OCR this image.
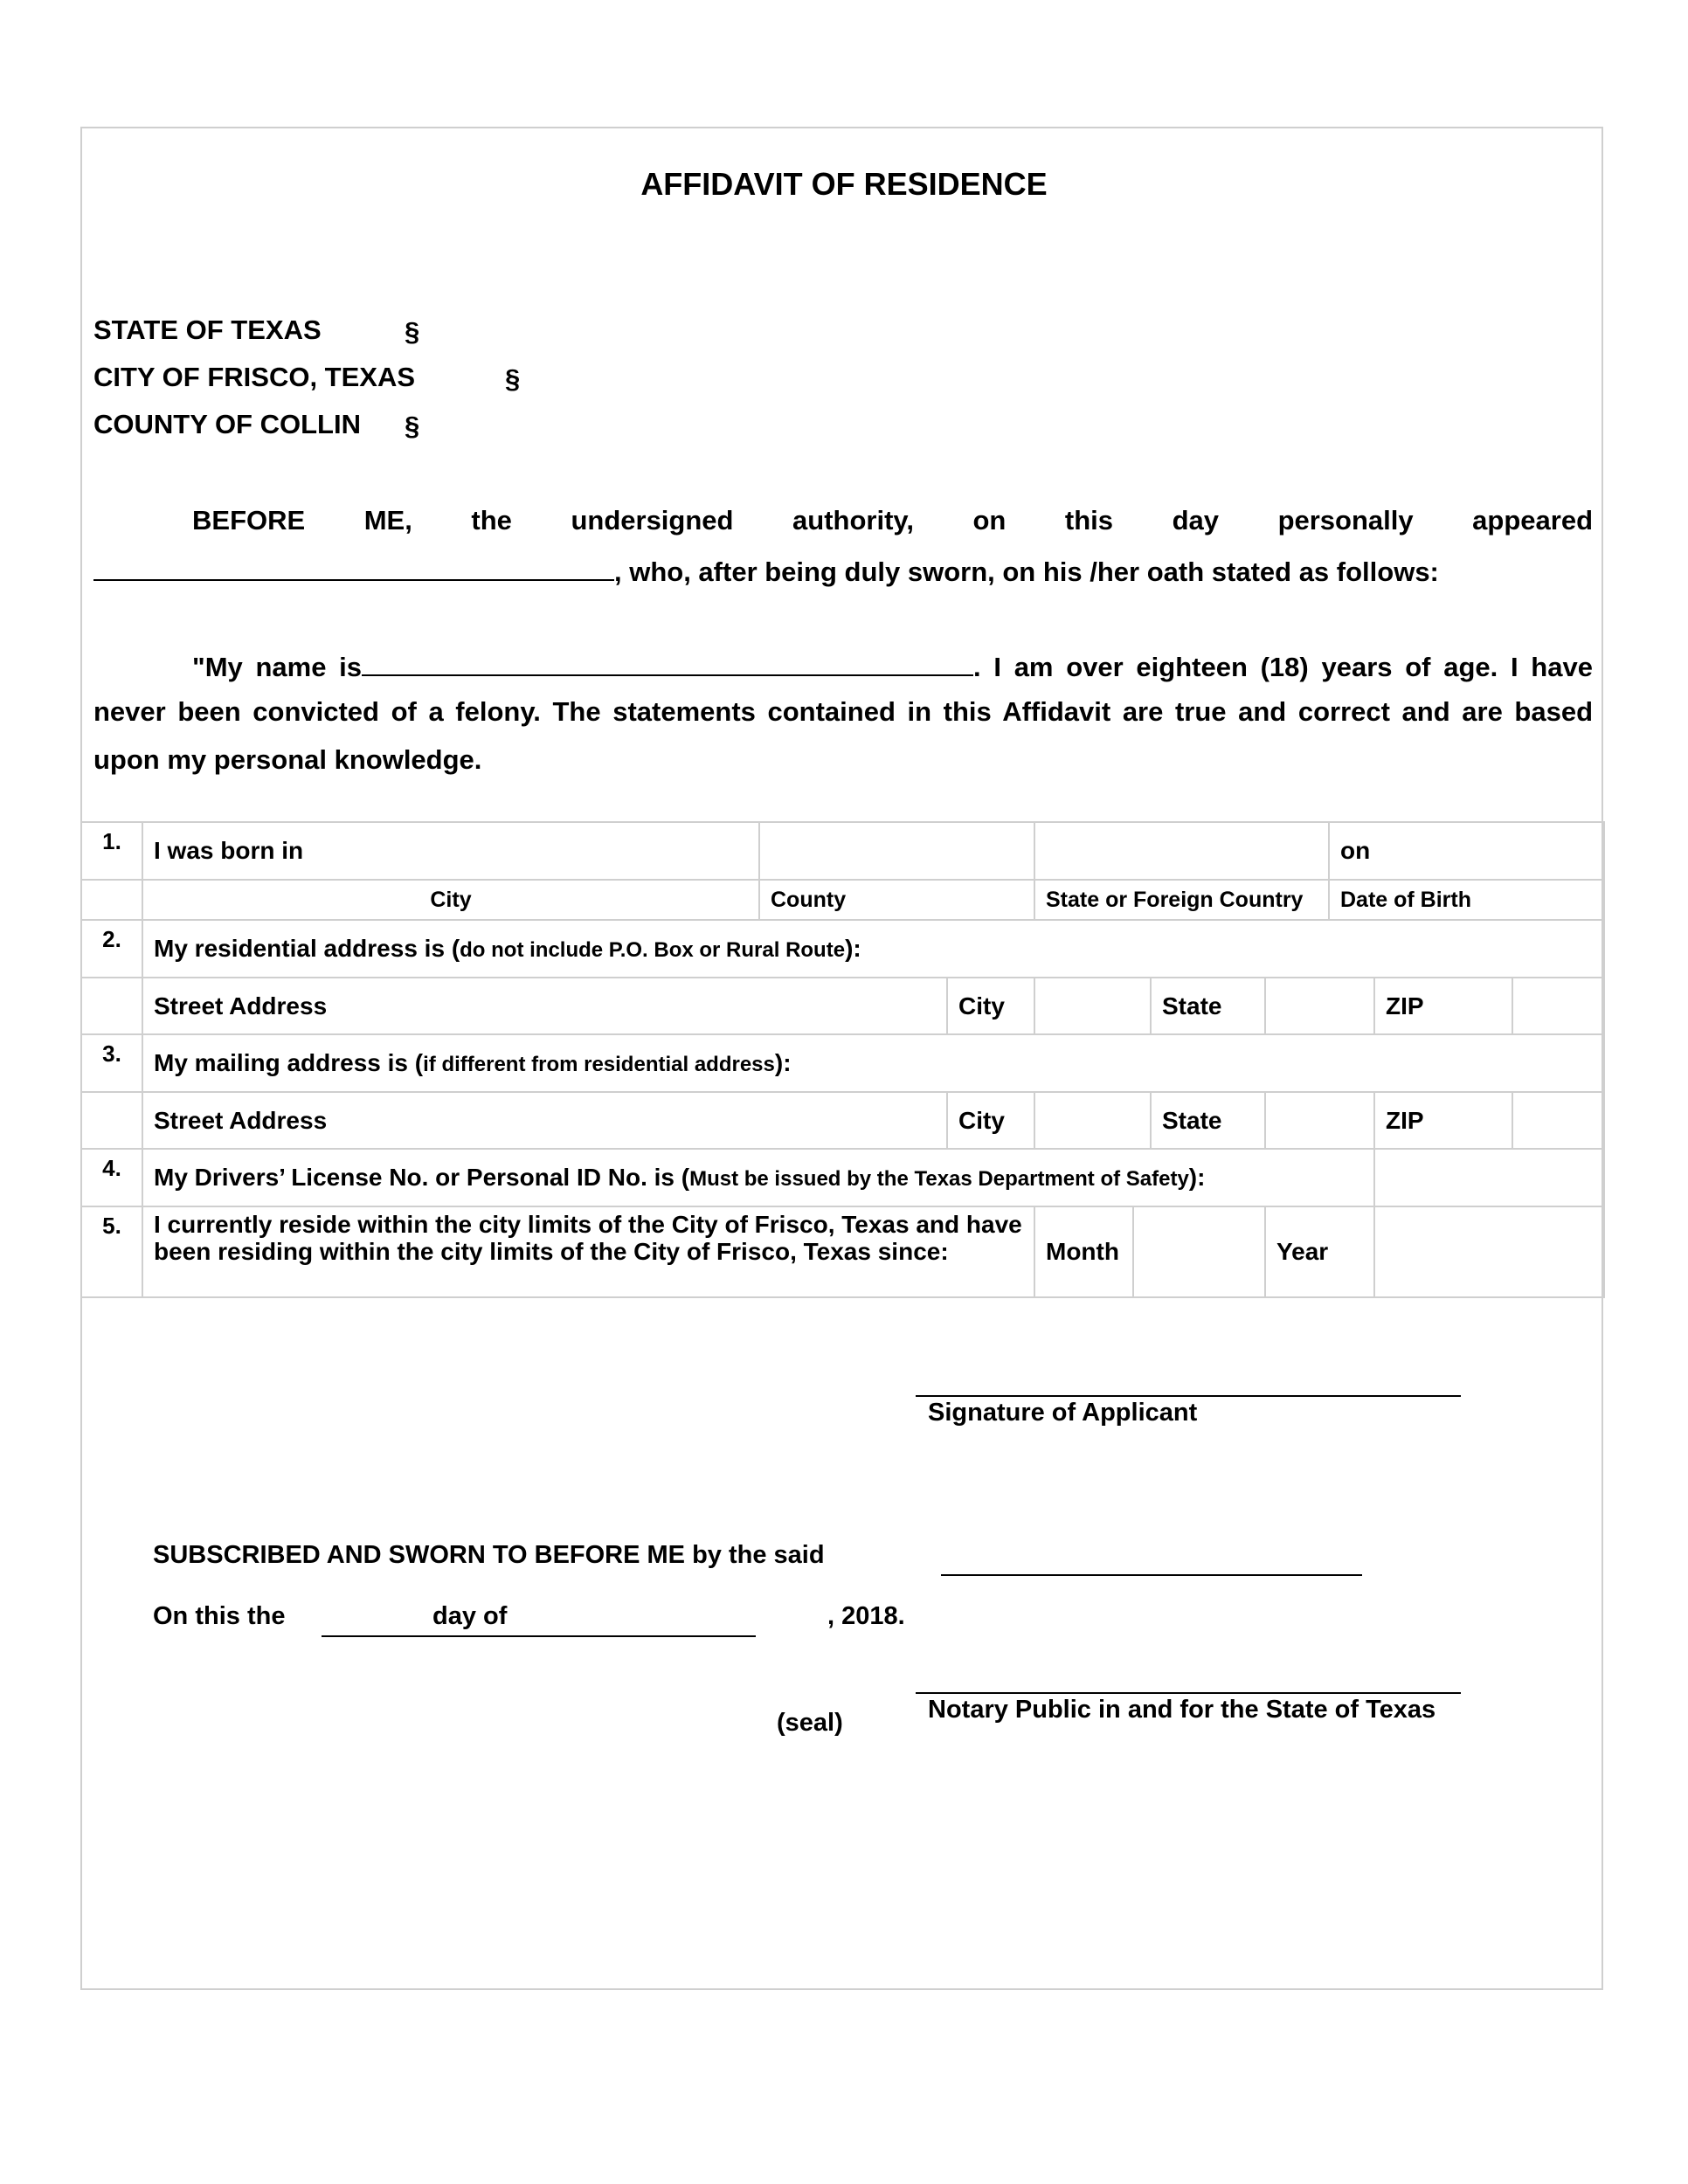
AFFIDAVIT OF RESIDENCE
STATE OF TEXAS	§
CITY OF FRISCO, TEXAS	§
COUNTY OF COLLIN §
BEFORE ME, the undersigned authority, on this day personally appeared
, who, after being duly sworn, on his /her oath stated as follows:
"My name is	. I am over eighteen (18) years of age. I have
never been convicted of a felony. The statements contained in this Affidavit are true and correct and are based
upon my personal knowledge.
1.	I was born in							on		
	City	County		State or Foreign Country				Date of Birth		
2.	My residential address is (do not include P.O. Box or Rural Route):									
	Street Address		City			State			ZIP	
3.	My mailing address is (if different from residential address):									
	Street Address		City			State			ZIP	
4.	My Drivers’ License No. or Personal ID No. is (Must be issued by the Texas Department of Safety):									
5.	I currently reside within the city limits of the City of Frisco, Texas and have been residing within the city limits of the City of Frisco, Texas since:			Month			Year			
Signature of Applicant
SUBSCRIBED AND SWORN TO BEFORE ME by the said
On this the	day of	, 2018.
Notary Public in and for the State of Texas
(seal)
